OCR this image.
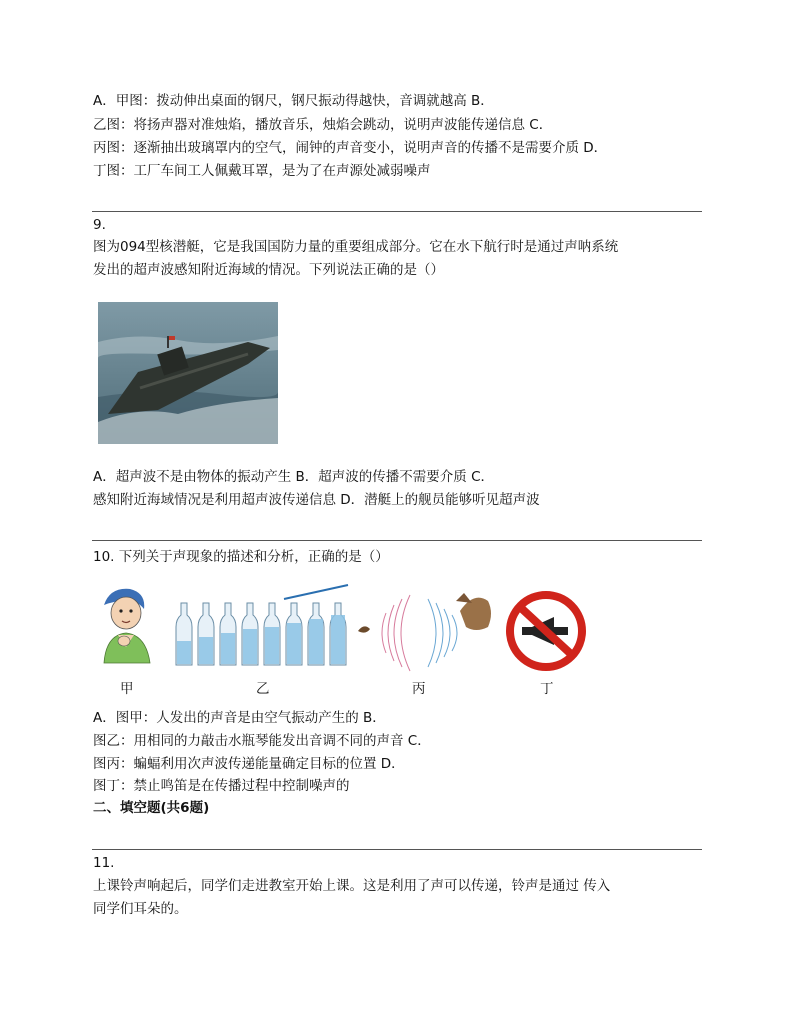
A．甲图：拨动伸出桌面的钢尺，钢尺振动得越快，音调就越高 B．
乙图：将扬声器对准烛焰，播放音乐，烛焰会跳动，说明声波能传递信息 C．
丙图：逐渐抽出玻璃罩内的空气，闹钟的声音变小，说明声音的传播不是需要介质 D．
丁图：工厂车间工人佩戴耳罩，是为了在声源处减弱噪声
9.
图为094型核潜艇，它是我国国防力量的重要组成部分。它在水下航行时是通过声呐系统
发出的超声波感知附近海域的情况。下列说法正确的是（）
A．超声波不是由物体的振动产生 B．超声波的传播不需要介质 C．
感知附近海域情况是利用超声波传递信息 D．潜艇上的舰员能够听见超声波
10. 下列关于声现象的描述和分析，正确的是（）
甲	乙	丙	丁
A．图甲：人发出的声音是由空气振动产生的 B．
图乙：用相同的力敲击水瓶琴能发出音调不同的声音 C．
图丙：蝙蝠利用次声波传递能量确定目标的位置 D．
图丁：禁止鸣笛是在传播过程中控制噪声的
二、填空题(共6题)
11.
上课铃声响起后，同学们走进教室开始上课。这是利用了声可以传递，铃声是通过 传入
同学们耳朵的。
